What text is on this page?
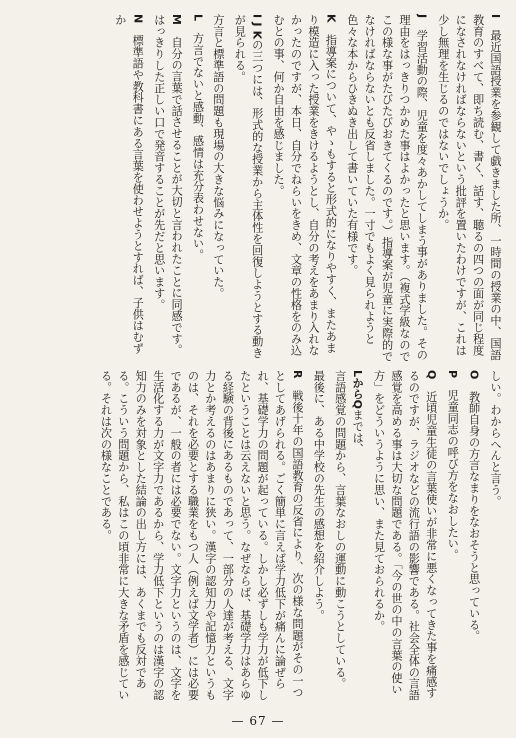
I　最近国語授業を参観して戯きました所、一時間の授業の中、国語教育のすべて、即ち読む、書く、話す、聴るの四つの面が同じ程度になされなければならないという批評を置いたわけですが、これは少し無理を生じるのではないでしょうか。

J　学習活動の際、児童を度々あかしてしまう事がありました。その理由をはっきりつかめた事はよかったと思います。（複式学級なのでこの様な事がたびたびおきてくるのです。）指導案が児童に実際的でなければならないとも反省しました。一寸でもよく見られようと色々な本からひきぬき出して書いていた有様です。

K　指導案について、やゝもすると形式的になりやすく、またあまり模造に入った授業をきけるようとし、自分の考えをあまり入れなかったのですが、本日、自分でねらいをきめ、文章の性格をのみ込むとの事、何か自由を感じました。

I J Kの三つには、形式的な授業から主体性を回復しようとする動きが見られる。

方言と標準語の問題も現場の大きな悩みになっていた。

L　方言でないと感動、感情は充分表わせない。

M　自分の言葉で話させることが大切と言われたことに同感です。はっきりした正しい口で発音することが先だと思います。

N　標準語や教科書にある言葉を使わせようとすれば、子供はむずか

しい。わからへんと言う。

O　教師自身の方言なまりをなおそうと思っている。

P　児童同志の呼び方をなおしたい。

Q　近頃児童生徒の言葉使いが非常に悪くなってきた事を痛感するのですが、ラジオなどの流行語の影響である。社会全体の言語感覚を高める事は大切な問題である。「今の世の中の言葉の使い方」をどういうように思い、また見ておられるか。

LからQまでは、

言語感覚の問題から、言葉なおしの運動に動こうとしている。

最後に、ある中学校の先生の感想を紹介しよう。

R　戦後十年の国語教育の反省により、次の様な問題がその一つとしてあげられる。ごく簡単に言えば学力低下が痛んに論ぜられ、基礎学力の問題が起っている。しかし必ずしも学力が低下したということは云えないと思う。なぜならば、基礎学力はあらゆる経験の背後にあるものであって、一部分の人達が考える、文字力とか考えるのはあまりに狭い。漢字の認知力や記憶力というものは、それを必要とする職業をもつ人（例えば文学者）には必要であるが、一般の者には必要でない。文字力というのは、文字を生活化する力が文字力であるから、学力低下というのは漢字の認知力のみを対象とした結論の出し方には、あくまでも反対である。こういう問題から、私はこの頃非常に大きな矛盾を感じている。それは次の様なことである。

— 67 —
